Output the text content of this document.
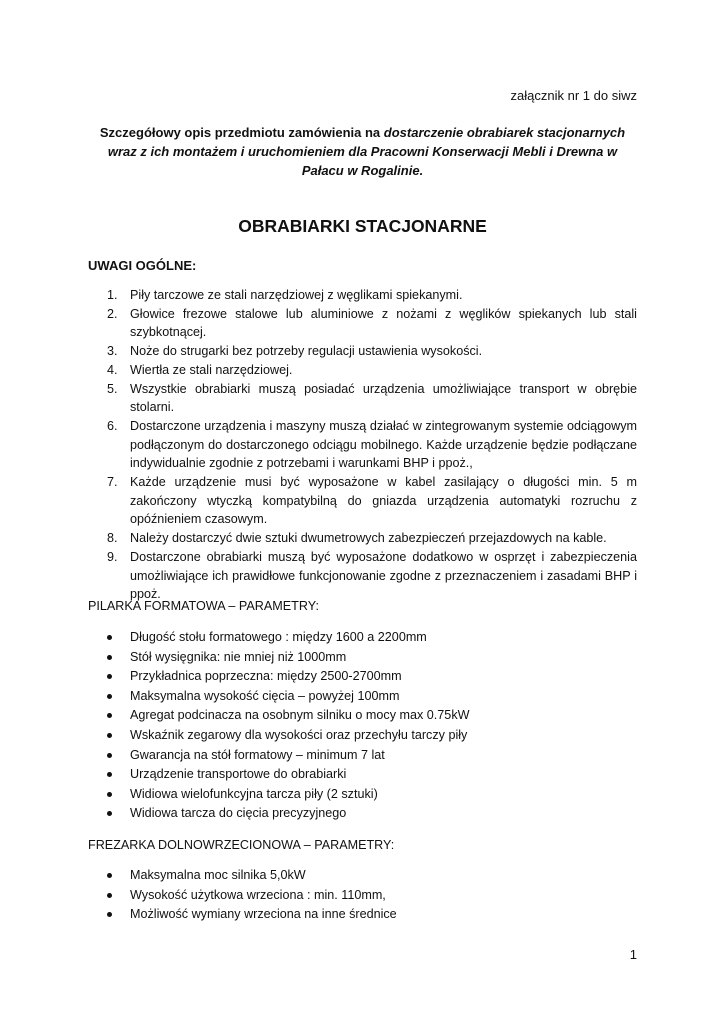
załącznik nr 1 do siwz
Szczegółowy opis przedmiotu zamówienia na dostarczenie obrabiarek stacjonarnych wraz z ich montażem i uruchomieniem dla Pracowni Konserwacji Mebli i Drewna w Pałacu w Rogalinie.
OBRABIARKI STACJONARNE
UWAGI OGÓLNE:
1. Piły tarczowe ze stali narzędziowej z węglikami spiekanymi.
2. Głowice frezowe stalowe lub aluminiowe z nożami z węglików spiekanych lub stali szybkotnącej.
3. Noże do strugarki bez potrzeby regulacji ustawienia wysokości.
4. Wiertła ze stali narzędziowej.
5. Wszystkie obrabiarki muszą posiadać urządzenia umożliwiające transport w obrębie stolarni.
6. Dostarczone urządzenia i maszyny muszą działać w zintegrowanym systemie odciągowym podłączonym do dostarczonego odciągu mobilnego. Każde urządzenie będzie podłączane indywidualnie zgodnie z potrzebami i warunkami BHP i ppoż.,
7. Każde urządzenie musi być wyposażone w kabel zasilający o długości min. 5 m zakończony wtyczką kompatybilną do gniazda urządzenia automatyki rozruchu z opóźnieniem czasowym.
8. Należy dostarczyć dwie sztuki dwumetrowych zabezpieczeń przejazdowych na kable.
9. Dostarczone obrabiarki muszą być wyposażone dodatkowo w osprzęt i zabezpieczenia umożliwiające ich prawidłowe funkcjonowanie zgodne z przeznaczeniem i zasadami BHP i ppoż.
PILARKA FORMATOWA – PARAMETRY:
Długość stołu formatowego : między 1600 a 2200mm
Stół wysięgnika: nie mniej niż 1000mm
Przykładnica poprzeczna: między 2500-2700mm
Maksymalna wysokość cięcia – powyżej 100mm
Agregat podcinacza na osobnym silniku o mocy max 0.75kW
Wskaźnik zegarowy dla wysokości oraz przechyłu tarczy piły
Gwarancja na stół formatowy – minimum 7 lat
Urządzenie transportowe do obrabiarki
Widiowa wielofunkcyjna tarcza piły (2 sztuki)
Widiowa tarcza do cięcia precyzyjnego
FREZARKA DOLNOWRZECIONOWA – PARAMETRY:
Maksymalna moc silnika 5,0kW
Wysokość użytkowa wrzeciona : min. 110mm,
Możliwość wymiany wrzeciona na inne średnice
1
